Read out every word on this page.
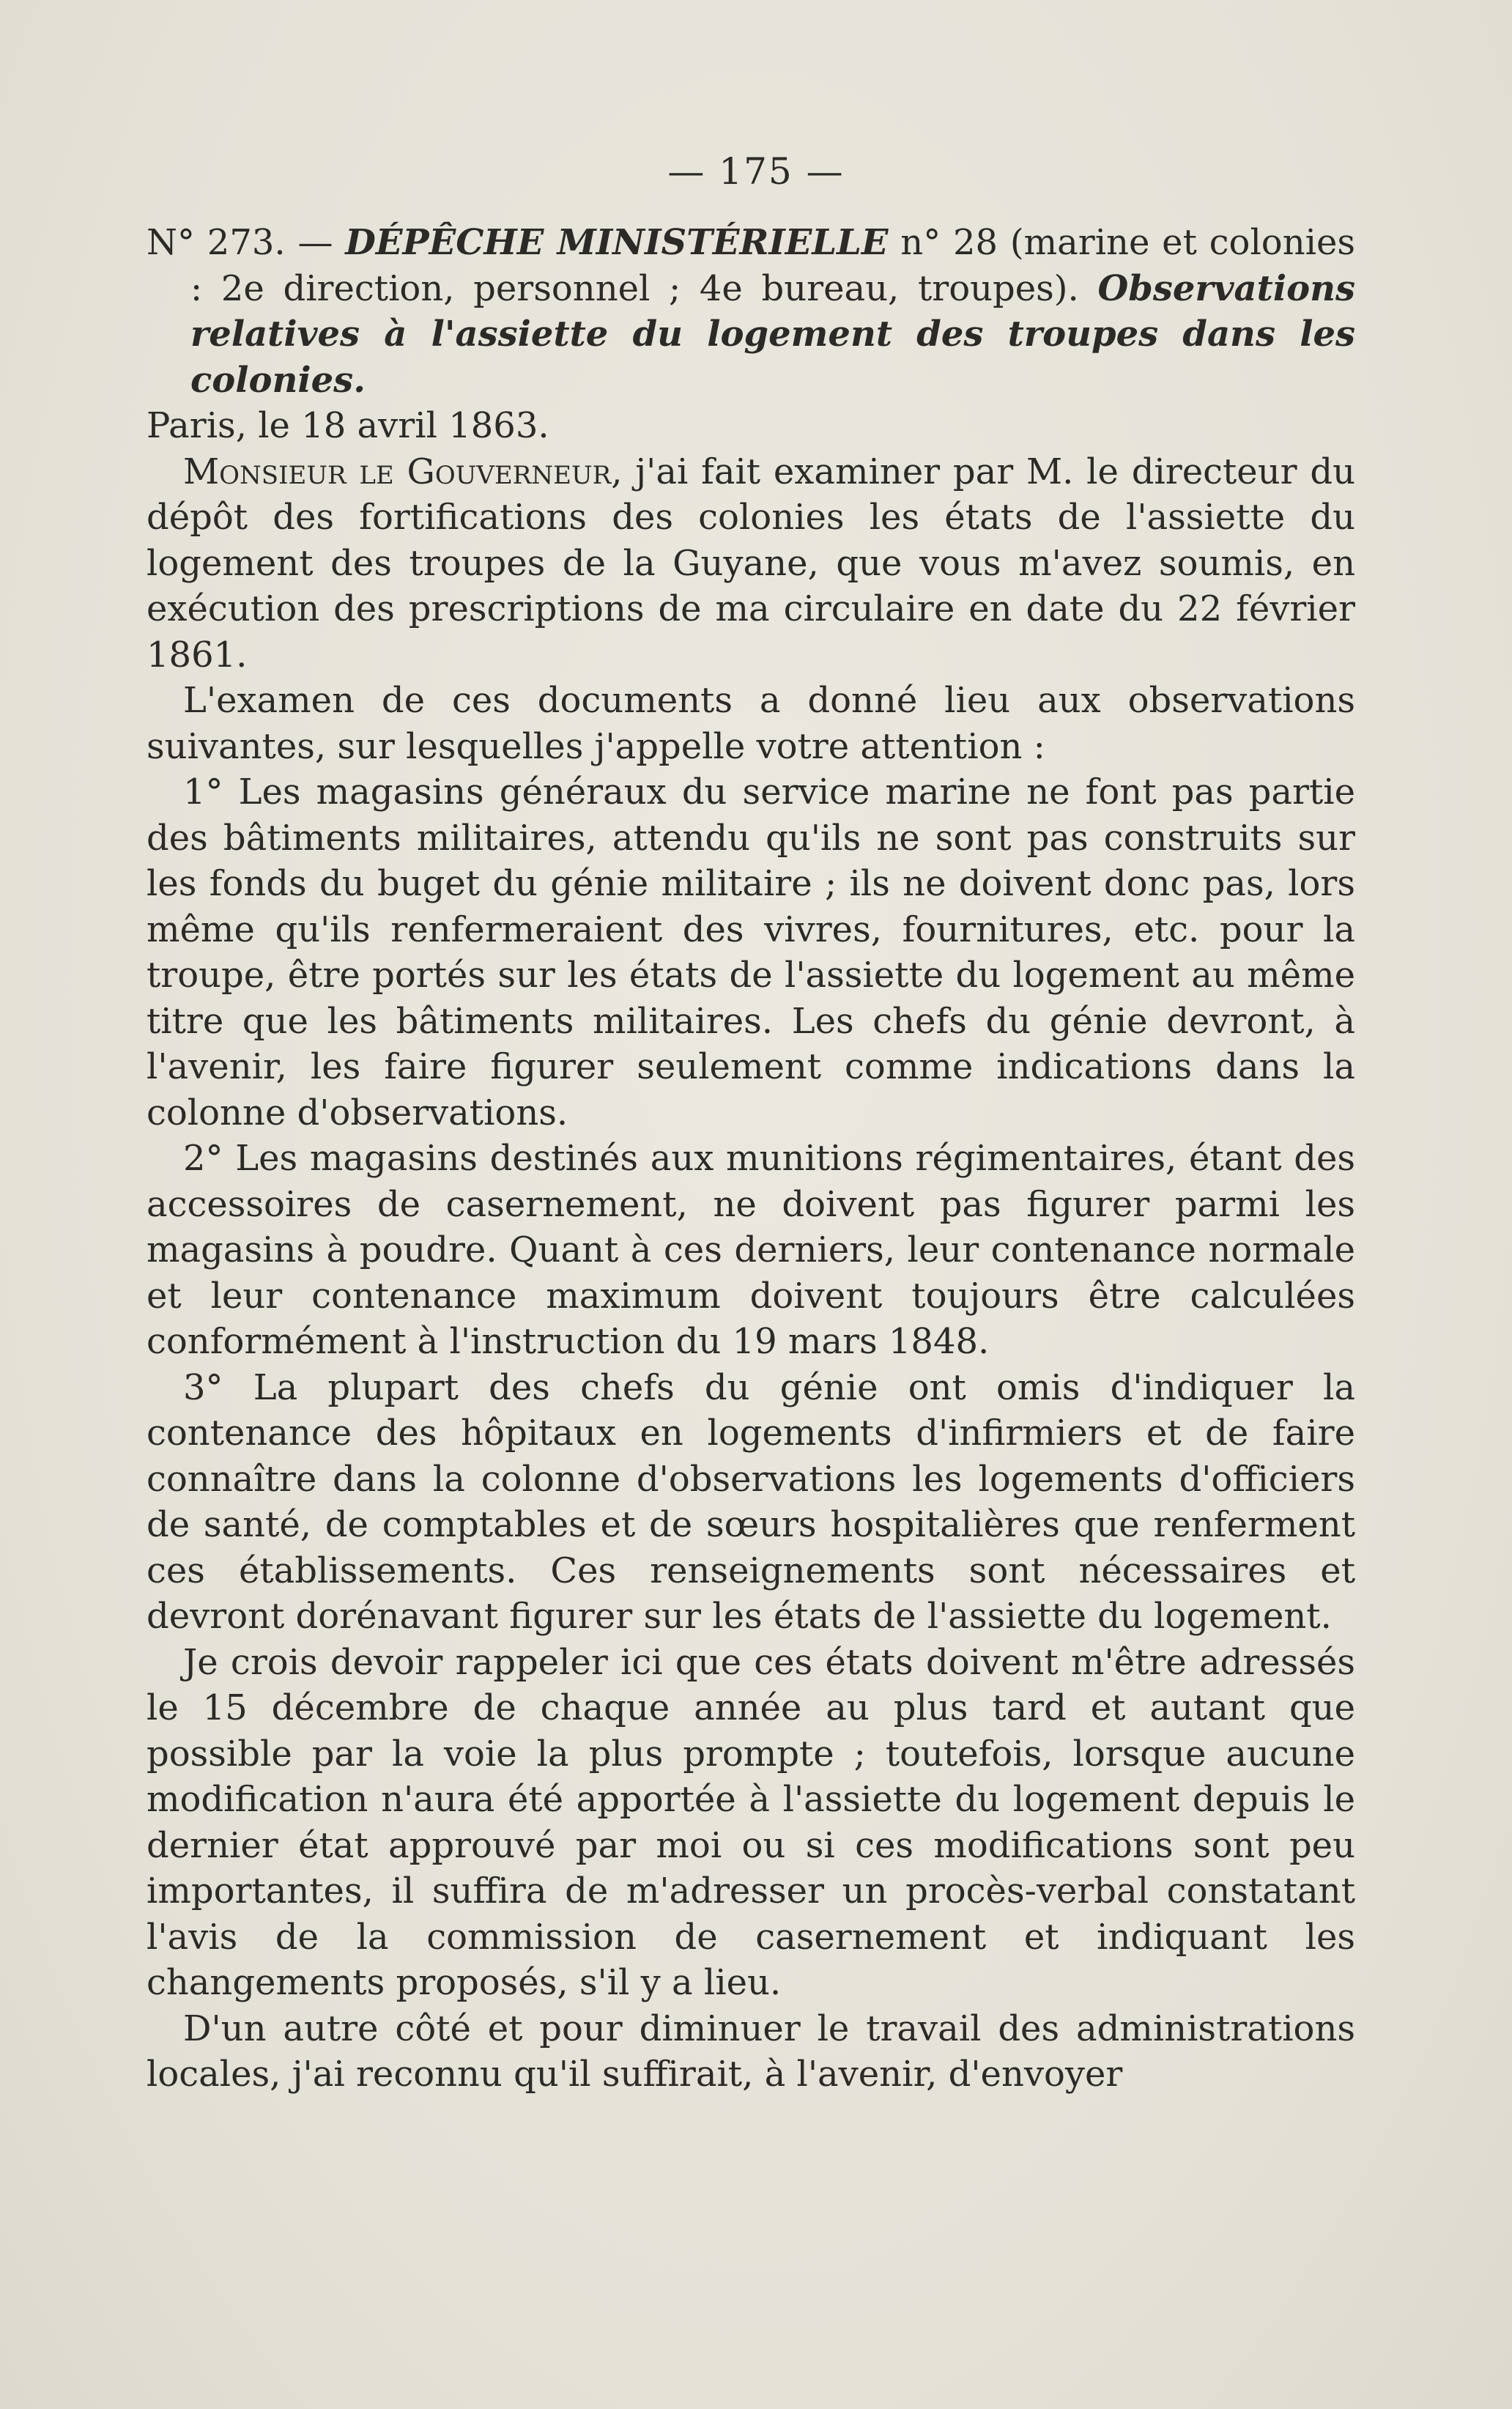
— 175 —

N° 273. — DÉPÊCHE MINISTÉRIELLE n° 28 (marine et colonies : 2e direction, personnel ; 4e bureau, troupes). Observations relatives à l'assiette du logement des troupes dans les colonies.

Paris, le 18 avril 1863.

Monsieur le Gouverneur, j'ai fait examiner par M. le directeur du dépôt des fortifications des colonies les états de l'assiette du logement des troupes de la Guyane, que vous m'avez soumis, en exécution des prescriptions de ma circulaire en date du 22 février 1861.

L'examen de ces documents a donné lieu aux observations suivantes, sur lesquelles j'appelle votre attention :

1° Les magasins généraux du service marine ne font pas partie des bâtiments militaires, attendu qu'ils ne sont pas construits sur les fonds du buget du génie militaire ; ils ne doivent donc pas, lors même qu'ils renfermeraient des vivres, fournitures, etc. pour la troupe, être portés sur les états de l'assiette du logement au même titre que les bâtiments militaires. Les chefs du génie devront, à l'avenir, les faire figurer seulement comme indications dans la colonne d'observations.

2° Les magasins destinés aux munitions régimentaires, étant des accessoires de casernement, ne doivent pas figurer parmi les magasins à poudre. Quant à ces derniers, leur contenance normale et leur contenance maximum doivent toujours être calculées conformément à l'instruction du 19 mars 1848.

3° La plupart des chefs du génie ont omis d'indiquer la contenance des hôpitaux en logements d'infirmiers et de faire connaître dans la colonne d'observations les logements d'officiers de santé, de comptables et de sœurs hospitalières que renferment ces établissements. Ces renseignements sont nécessaires et devront dorénavant figurer sur les états de l'assiette du logement.

Je crois devoir rappeler ici que ces états doivent m'être adressés le 15 décembre de chaque année au plus tard et autant que possible par la voie la plus prompte ; toutefois, lorsque aucune modification n'aura été apportée à l'assiette du logement depuis le dernier état approuvé par moi ou si ces modifications sont peu importantes, il suffira de m'adresser un procès-verbal constatant l'avis de la commission de casernement et indiquant les changements proposés, s'il y a lieu.

D'un autre côté et pour diminuer le travail des administrations locales, j'ai reconnu qu'il suffirait, à l'avenir, d'envoyer
